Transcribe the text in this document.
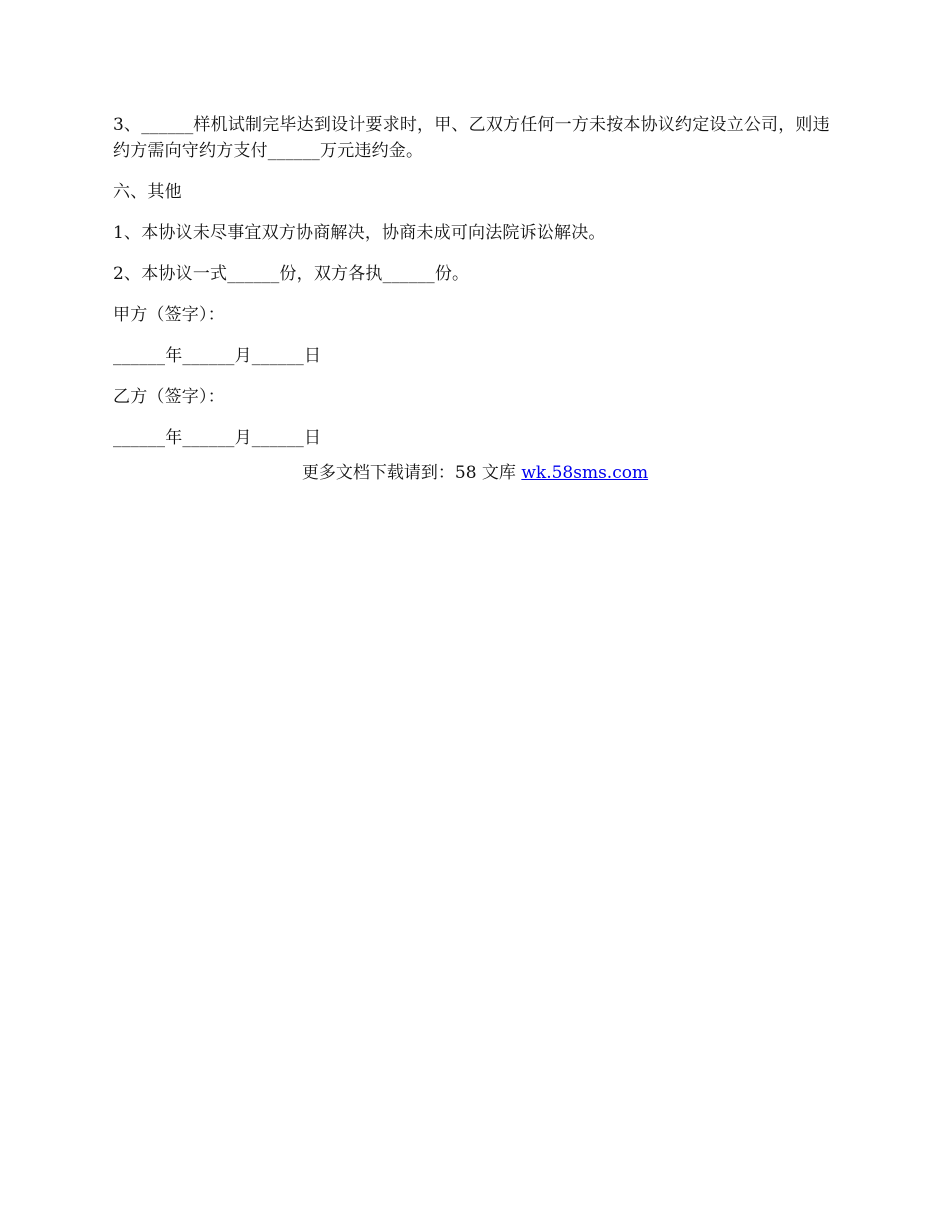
3、______样机试制完毕达到设计要求时，甲、乙双方任何一方未按本协议约定设立公司，则违约方需向守约方支付______万元违约金。

六、其他

1、本协议未尽事宜双方协商解决，协商未成可向法院诉讼解决。

2、本协议一式______份，双方各执______份。

甲方（签字）：

______年______月______日

乙方（签字）：

______年______月______日

更多文档下载请到：58 文库 wk.58sms.com
